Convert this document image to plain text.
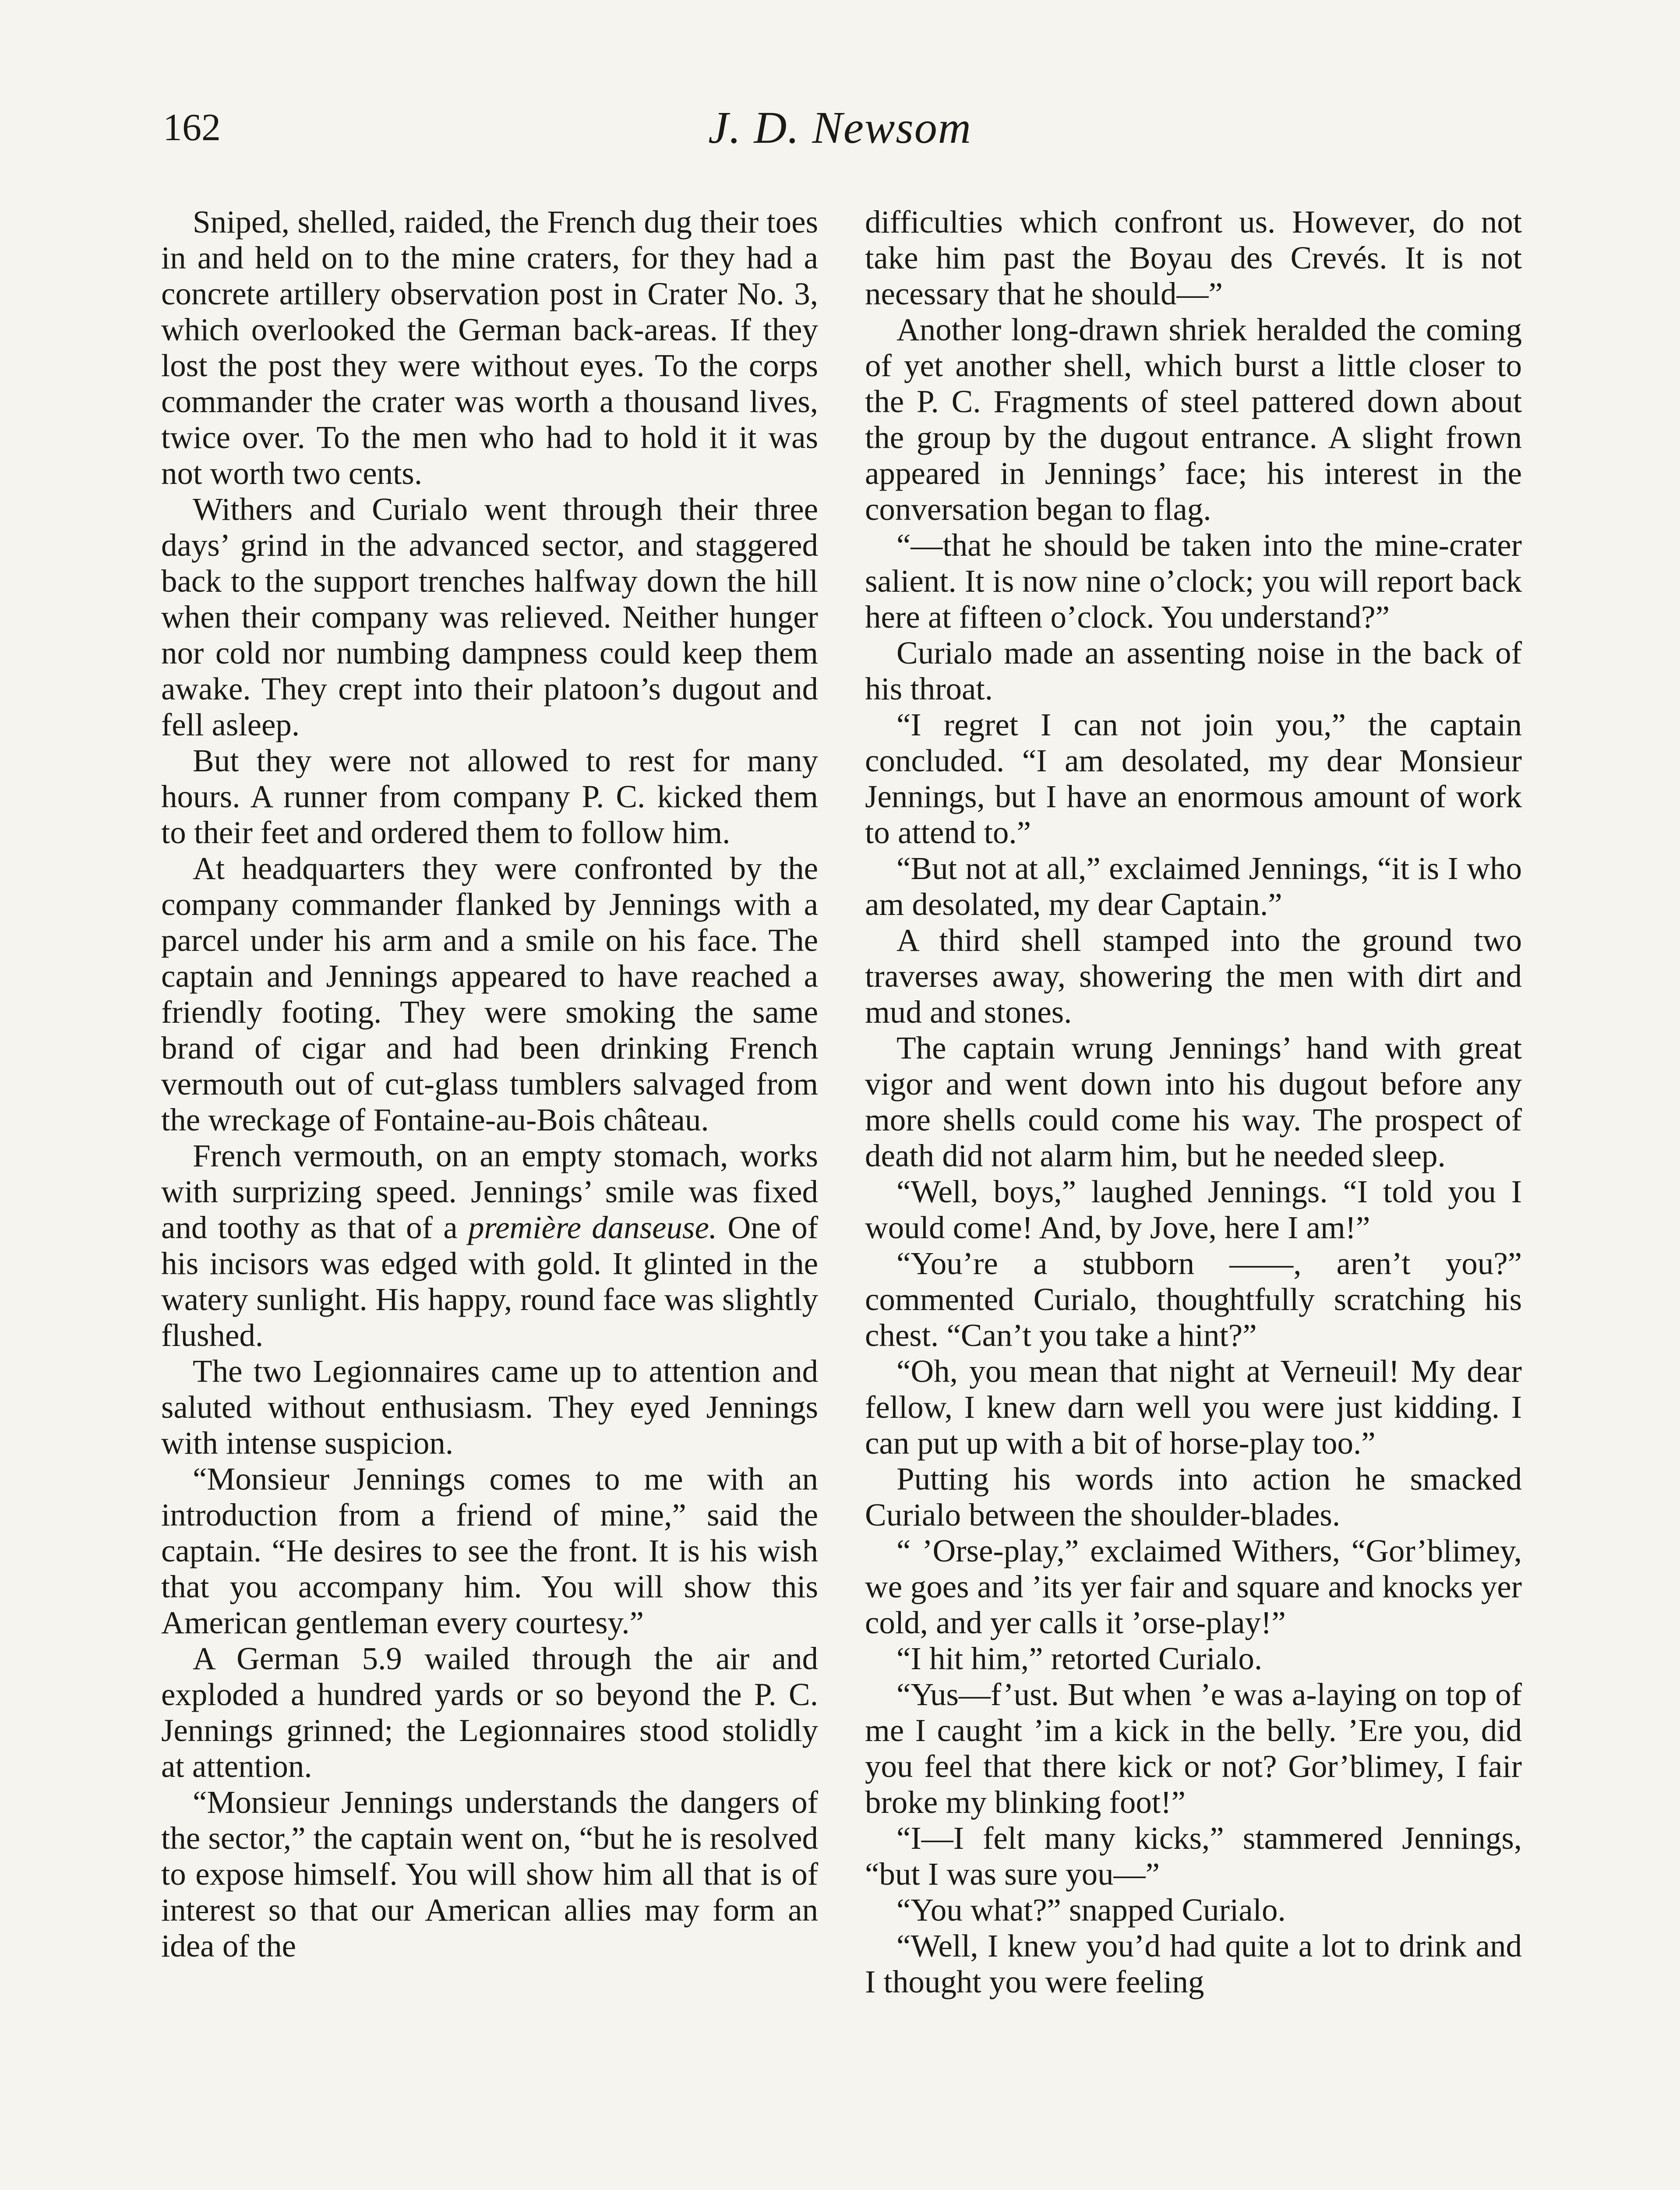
162	J. D. Newsom

Sniped, shelled, raided, the French dug their toes in and held on to the mine craters, for they had a concrete artillery observation post in Crater No. 3, which overlooked the German back-areas. If they lost the post they were without eyes. To the corps commander the crater was worth a thousand lives, twice over. To the men who had to hold it it was not worth two cents.

Withers and Curialo went through their three days’ grind in the advanced sector, and staggered back to the support trenches halfway down the hill when their company was relieved. Neither hunger nor cold nor numbing dampness could keep them awake. They crept into their platoon’s dugout and fell asleep.

But they were not allowed to rest for many hours. A runner from company P. C. kicked them to their feet and ordered them to follow him.

At headquarters they were confronted by the company commander flanked by Jennings with a parcel under his arm and a smile on his face. The captain and Jennings appeared to have reached a friendly footing. They were smoking the same brand of cigar and had been drinking French vermouth out of cut-glass tumblers salvaged from the wreckage of Fontaine-au-Bois château.

French vermouth, on an empty stomach, works with surprizing speed. Jennings’ smile was fixed and toothy as that of a première danseuse. One of his incisors was edged with gold. It glinted in the watery sunlight. His happy, round face was slightly flushed.

The two Legionnaires came up to attention and saluted without enthusiasm. They eyed Jennings with intense suspicion.

“Monsieur Jennings comes to me with an introduction from a friend of mine,” said the captain. “He desires to see the front. It is his wish that you accompany him. You will show this American gentleman every courtesy.”

A German 5.9 wailed through the air and exploded a hundred yards or so beyond the P. C. Jennings grinned; the Legionnaires stood stolidly at attention.

“Monsieur Jennings understands the dangers of the sector,” the captain went on, “but he is resolved to expose himself. You will show him all that is of interest so that our American allies may form an idea of the

difficulties which confront us. However, do not take him past the Boyau des Crevés. It is not necessary that he should—”

Another long-drawn shriek heralded the coming of yet another shell, which burst a little closer to the P. C. Fragments of steel pattered down about the group by the dugout entrance. A slight frown appeared in Jennings’ face; his interest in the conversation began to flag.

“—that he should be taken into the mine-crater salient. It is now nine o’clock; you will report back here at fifteen o’clock. You understand?”

Curialo made an assenting noise in the back of his throat.

“I regret I can not join you,” the captain concluded. “I am desolated, my dear Monsieur Jennings, but I have an enormous amount of work to attend to.”

“But not at all,” exclaimed Jennings, “it is I who am desolated, my dear Captain.”

A third shell stamped into the ground two traverses away, showering the men with dirt and mud and stones.

The captain wrung Jennings’ hand with great vigor and went down into his dugout before any more shells could come his way. The prospect of death did not alarm him, but he needed sleep.

“Well, boys,” laughed Jennings. “I told you I would come! And, by Jove, here I am!”

“You’re a stubborn ——, aren’t you?” commented Curialo, thoughtfully scratching his chest. “Can’t you take a hint?”

“Oh, you mean that night at Verneuil! My dear fellow, I knew darn well you were just kidding. I can put up with a bit of horse-play too.”

Putting his words into action he smacked Curialo between the shoulder-blades.

“ ’Orse-play,” exclaimed Withers, “Gor’blimey, we goes and ’its yer fair and square and knocks yer cold, and yer calls it ’orse-play!”

“I hit him,” retorted Curialo.

“Yus—f’ust. But when ’e was a-laying on top of me I caught ’im a kick in the belly. ’Ere you, did you feel that there kick or not? Gor’blimey, I fair broke my blinking foot!”

“I—I felt many kicks,” stammered Jennings, “but I was sure you—”

“You what?” snapped Curialo.

“Well, I knew you’d had quite a lot to drink and I thought you were feeling
